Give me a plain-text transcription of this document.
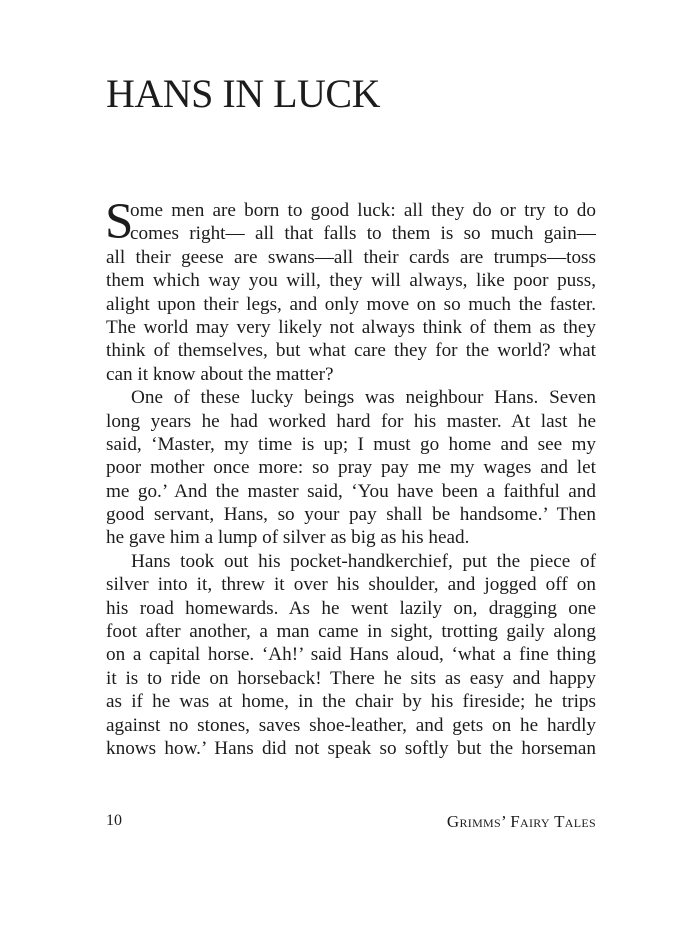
HANS IN LUCK
S
ome men are born to good luck: all they do or try to do
comes right— all that falls to them is so much gain—
all their geese are swans—all their cards are trumps—toss
them which way you will, they will always, like poor puss,
alight upon their legs, and only move on so much the faster.
The world may very likely not always think of them as they
think of themselves, but what care they for the world? what
can it know about the matter?
One of these lucky beings was neighbour Hans. Seven
long years he had worked hard for his master. At last he
said, ‘Master, my time is up; I must go home and see my
poor mother once more: so pray pay me my wages and let
me go.’ And the master said, ‘You have been a faithful and
good servant, Hans, so your pay shall be handsome.’ Then
he gave him a lump of silver as big as his head.
Hans took out his pocket-handkerchief, put the piece of
silver into it, threw it over his shoulder, and jogged off on
his road homewards. As he went lazily on, dragging one
foot after another, a man came in sight, trotting gaily along
on a capital horse. ‘Ah!’ said Hans aloud, ‘what a fine thing
it is to ride on horseback! There he sits as easy and happy
as if he was at home, in the chair by his fireside; he trips
against no stones, saves shoe-leather, and gets on he hardly
knows how.’ Hans did not speak so softly but the horseman
10	Grimms’ Fairy Tales
